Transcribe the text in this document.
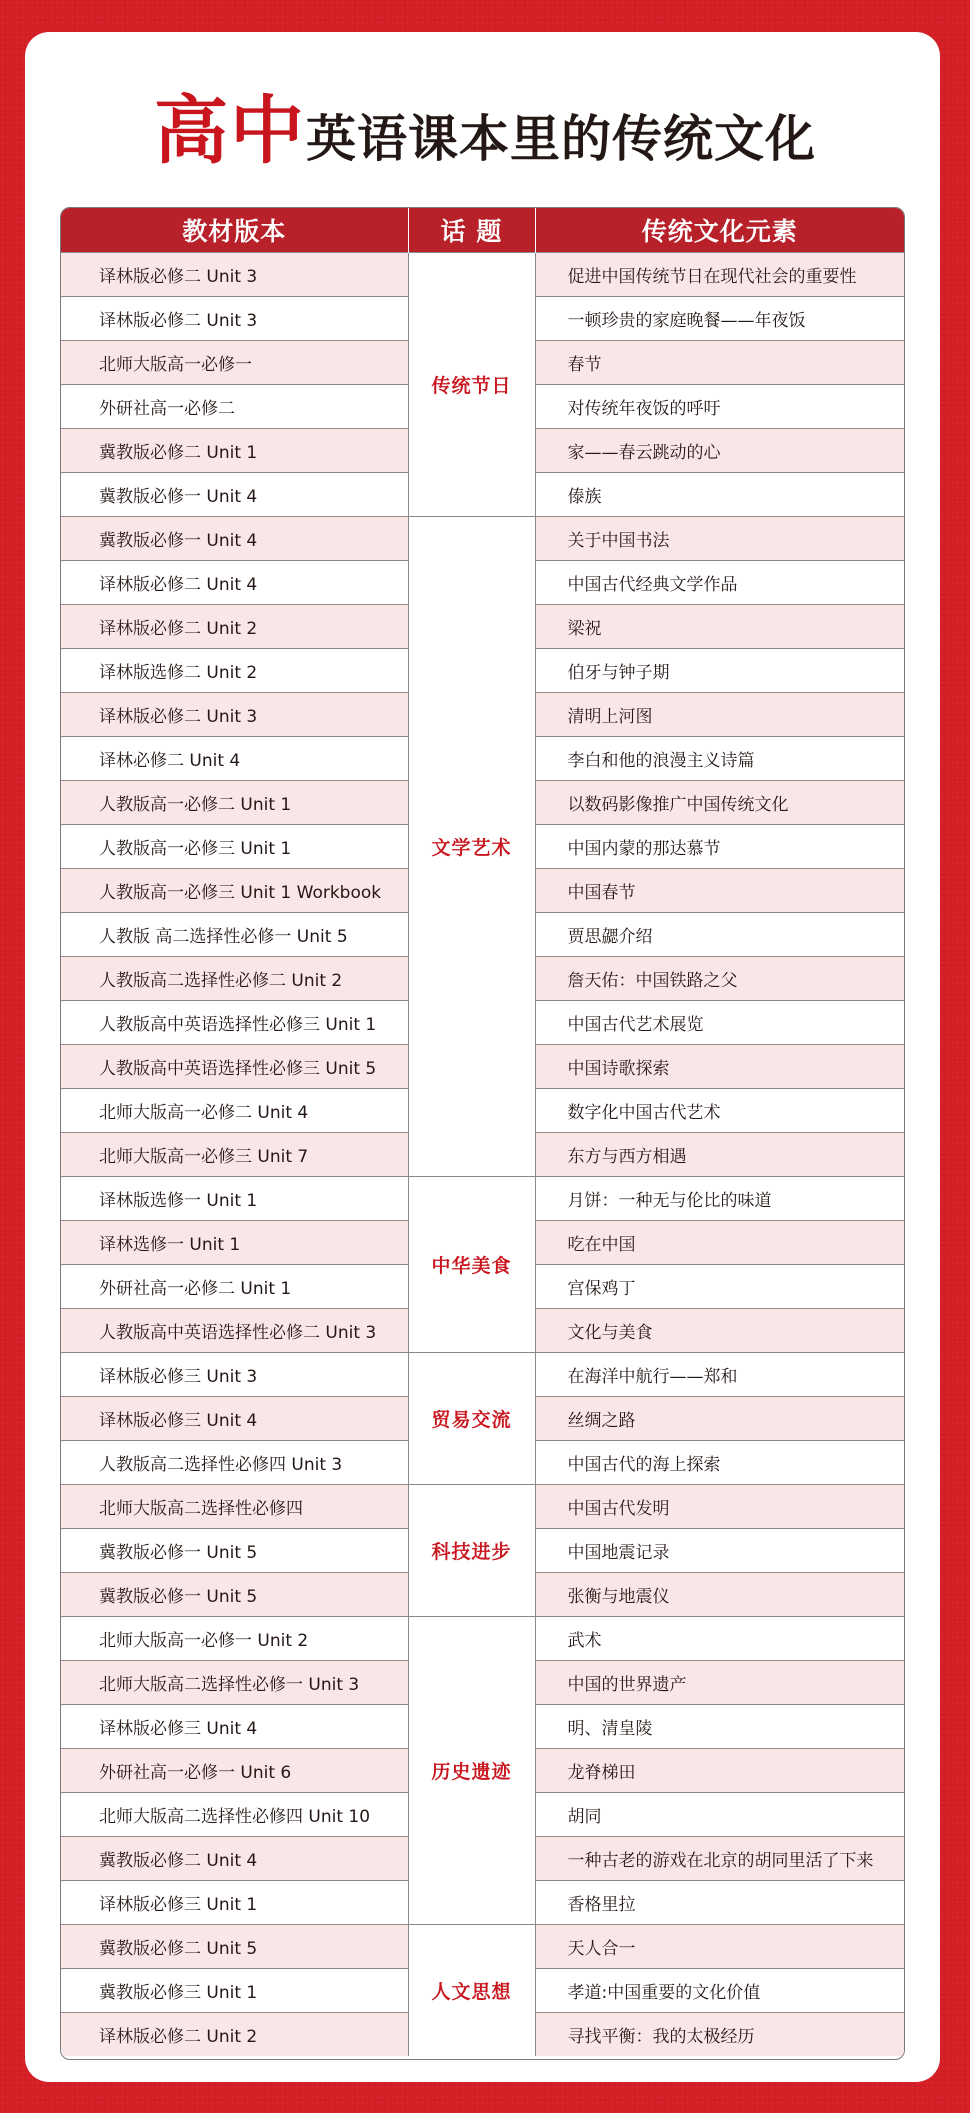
高中英语课本里的传统文化
教材版本	话 题	传统文化元素
译林版必修二 Unit 3	传统节日	促进中国传统节日在现代社会的重要性
译林版必修二 Unit 3		一顿珍贵的家庭晚餐——年夜饭
北师大版高一必修一		春节
外研社高一必修二		对传统年夜饭的呼吁
冀教版必修二 Unit 1		家——春云跳动的心
冀教版必修一 Unit 4		傣族
冀教版必修一 Unit 4	文学艺术	关于中国书法
译林版必修二 Unit 4		中国古代经典文学作品
译林版必修二 Unit 2		梁祝
译林版选修二 Unit 2		伯牙与钟子期
译林版必修二 Unit 3		清明上河图
译林必修二 Unit 4		李白和他的浪漫主义诗篇
人教版高一必修二 Unit 1		以数码影像推广中国传统文化
人教版高一必修三 Unit 1		中国内蒙的那达慕节
人教版高一必修三 Unit 1 Workbook		中国春节
人教版 高二选择性必修一 Unit 5		贾思勰介绍
人教版高二选择性必修二 Unit 2		詹天佑：中国铁路之父
人教版高中英语选择性必修三 Unit 1		中国古代艺术展览
人教版高中英语选择性必修三 Unit 5		中国诗歌探索
北师大版高一必修二 Unit 4		数字化中国古代艺术
北师大版高一必修三 Unit 7		东方与西方相遇
译林版选修一 Unit 1	中华美食	月饼：一种无与伦比的味道
译林选修一 Unit 1		吃在中国
外研社高一必修二 Unit 1		宫保鸡丁
人教版高中英语选择性必修二 Unit 3		文化与美食
译林版必修三 Unit 3	贸易交流	在海洋中航行——郑和
译林版必修三 Unit 4		丝绸之路
人教版高二选择性必修四 Unit 3		中国古代的海上探索
北师大版高二选择性必修四	科技进步	中国古代发明
冀教版必修一 Unit 5		中国地震记录
冀教版必修一 Unit 5		张衡与地震仪
北师大版高一必修一 Unit 2	历史遗迹	武术
北师大版高二选择性必修一 Unit 3		中国的世界遗产
译林版必修三 Unit 4		明、清皇陵
外研社高一必修一 Unit 6		龙脊梯田
北师大版高二选择性必修四 Unit 10		胡同
冀教版必修二 Unit 4		一种古老的游戏在北京的胡同里活了下来
译林版必修三 Unit 1		香格里拉
冀教版必修二 Unit 5	人文思想	天人合一
冀教版必修三 Unit 1		孝道:中国重要的文化价值
译林版必修二 Unit 2		寻找平衡：我的太极经历
